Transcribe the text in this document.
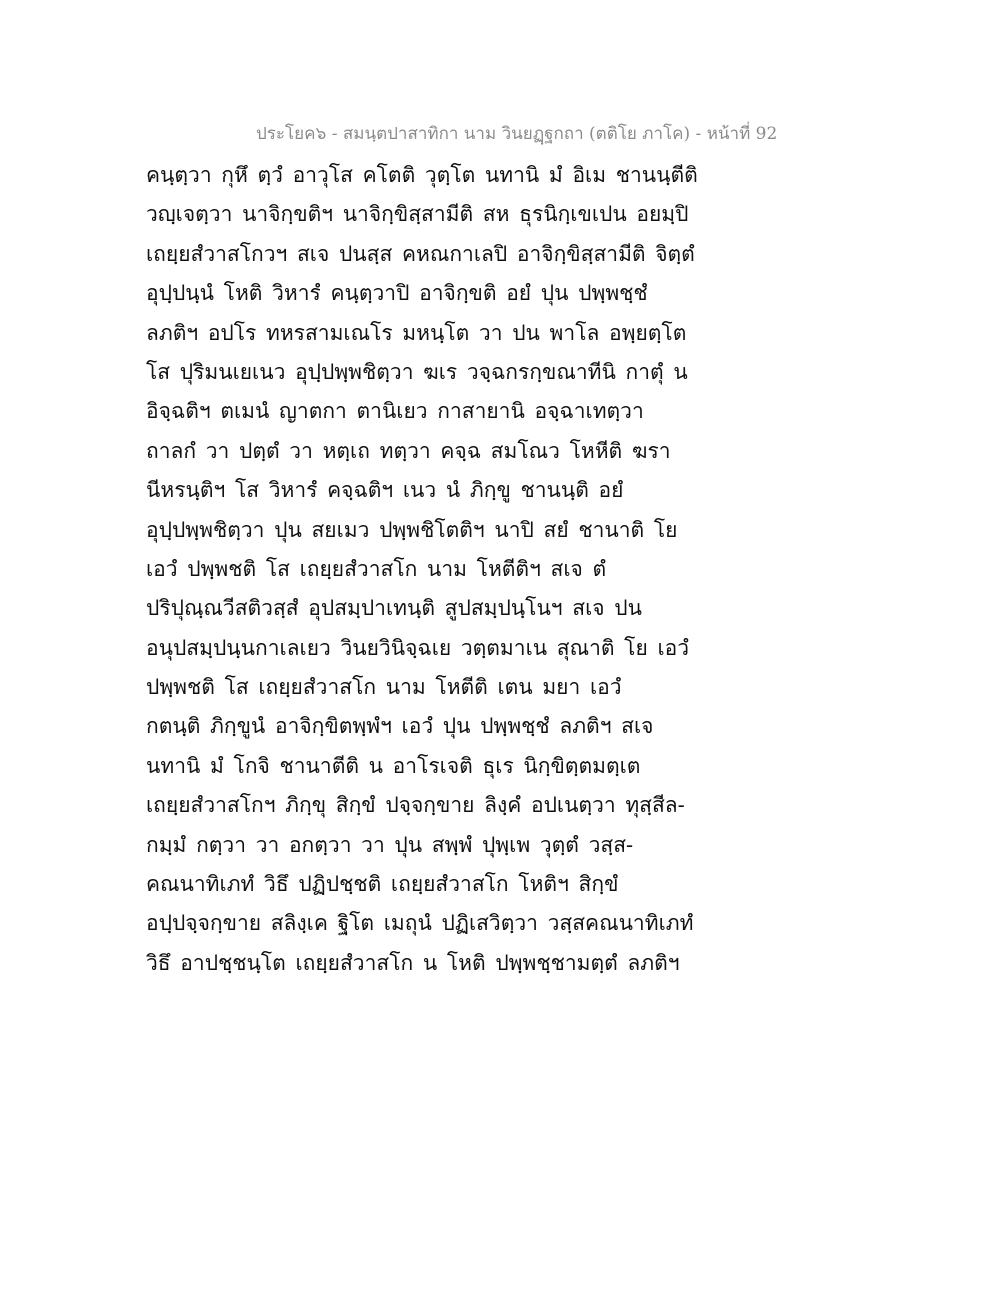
ประโยค๖ - สมนฺตปาสาทิกา นาม วินยฏฺฐกถา (ตติโย ภาโค) - หน้าที่ 92
คนฺตฺวา กุหึ ตฺวํ อาวุโส คโตติ วุตฺโต นทานิ มํ อิเม ชานนฺตีติ
วญฺเจตฺวา นาจิกฺขติฯ นาจิกฺขิสฺสามีติ สห ธุรนิกฺเขเปน อยมฺปิ
เถยฺยสํวาสโกวฯ สเจ ปนสฺส คหณกาเลปิ อาจิกฺขิสฺสามีติ จิตฺตํ
อุปฺปนฺนํ โหติ วิหารํ คนฺตฺวาปิ อาจิกฺขติ อยํ ปุน ปพฺพชฺชํ
ลภติฯ อปโร ทหรสามเณโร มหนฺโต วา ปน พาโล อพฺยตฺโต
โส ปุริมนเยเนว อุปฺปพฺพชิตฺวา ฆเร วจฺฉกรกฺขณาทีนิ กาตุํ น
อิจฺฉติฯ ตเมนํ ญาตกา ตานิเยว กาสายานิ อจฺฉาเทตฺวา
ถาลกํ วา ปตฺตํ วา หตฺเถ ทตฺวา คจฺฉ สมโณว โหหีติ ฆรา
นีหรนฺติฯ โส วิหารํ คจฺฉติฯ เนว นํ ภิกฺขู ชานนฺติ อยํ
อุปฺปพฺพชิตฺวา ปุน สยเมว ปพฺพชิโตติฯ นาปิ สยํ ชานาติ โย
เอวํ ปพฺพชติ โส เถยฺยสํวาสโก นาม โหตีติฯ สเจ ตํ
ปริปุณฺณวีสติวสฺสํ อุปสมฺปาเทนฺติ สูปสมฺปนฺโนฯ สเจ ปน
อนุปสมฺปนฺนกาเลเยว วินยวินิจฺฉเย วตฺตมาเน สุณาติ โย เอวํ
ปพฺพชติ โส เถยฺยสํวาสโก นาม โหตีติ เตน มยา เอวํ
กตนฺติ ภิกฺขูนํ อาจิกฺขิตพฺพํฯ เอวํ ปุน ปพฺพชฺชํ ลภติฯ สเจ
นทานิ มํ โกจิ ชานาตีติ น อาโรเจติ ธุเร นิกฺขิตฺตมตฺเต
เถยฺยสํวาสโกฯ ภิกฺขุ สิกฺขํ ปจฺจกฺขาย ลิงฺคํ อปเนตฺวา ทุสฺสีล-
กมฺมํ กตฺวา วา อกตฺวา วา ปุน สพฺพํ ปุพฺเพ วุตฺตํ วสฺส-
คณนาทิเภทํ วิธึ ปฏิปชฺชติ เถยฺยสํวาสโก โหติฯ สิกฺขํ
อปฺปจฺจกฺขาย สลิงฺเค ฐิโต เมถุนํ ปฏิเสวิตฺวา วสฺสคณนาทิเภทํ
วิธึ อาปชฺชนฺโต เถยฺยสํวาสโก น โหติ ปพฺพชฺชามตฺตํ ลภติฯ
